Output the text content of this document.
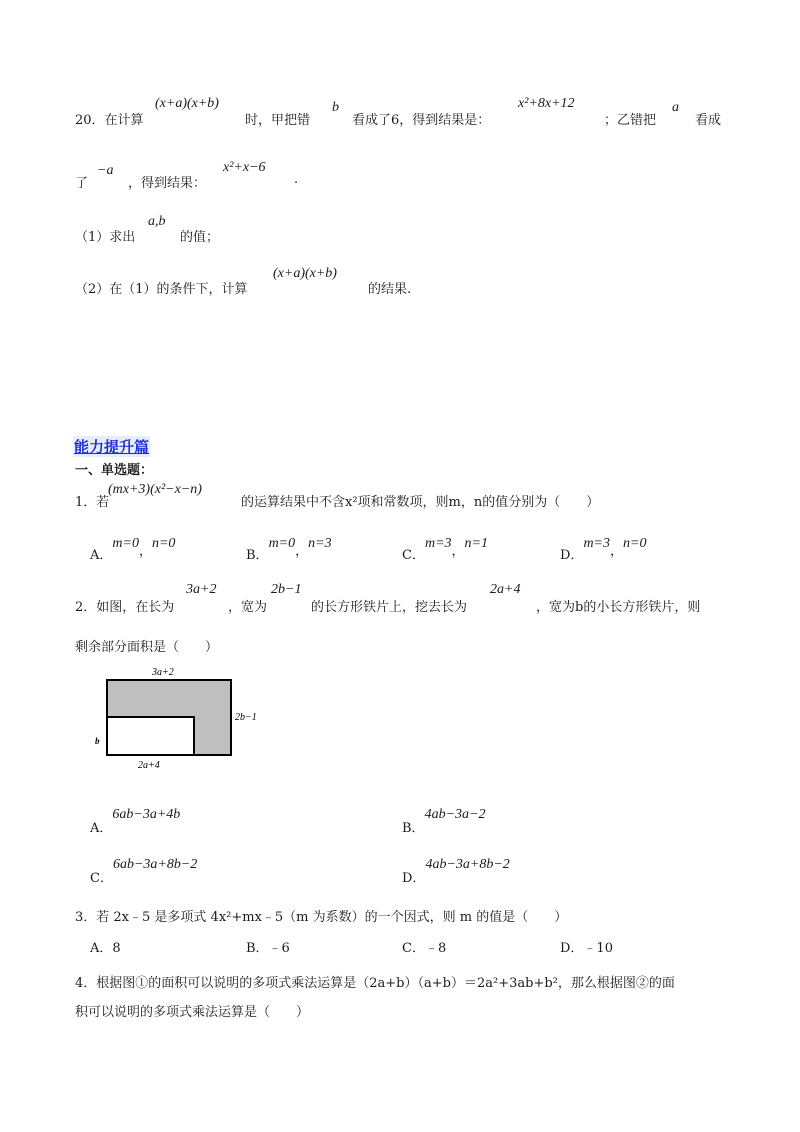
20．在计算
(x+a)(x+b)
时，甲把错
b
看成了6，得到结果是：
x²+8x+12
；乙错把
a
看成
了
−a
，得到结果：
x²+x−6
.
（1）求出
a,b
的值；
（2）在（1）的条件下，计算
(x+a)(x+b)
的结果.
能力提升篇
一、单选题：
1．若
(mx+3)(x²−x−n)
的运算结果中不含x²项和常数项，则m，n的值分别为（　　）
A．m=0，n=0
B．m=0，n=3
C．m=3，n=1
D．m=3，n=0
2．如图，在长为
3a+2
，宽为
2b−1
的长方形铁片上，挖去长为
2a+4
，宽为b的小长方形铁片，则
剩余部分面积是（　　）
3a+2
2b−1
b
2a+4
A．6ab−3a+4b
B．4ab−3a−2
C．6ab−3a+8b−2
D．4ab−3a+8b−2
3．若 2x﹣5 是多项式 4x²+mx﹣5（m 为系数）的一个因式，则 m 的值是（　　）
A．8	B．﹣6	C．﹣8	D．﹣10
4．根据图①的面积可以说明的多项式乘法运算是（2a+b）（a+b）＝2a²+3ab+b²，那么根据图②的面
积可以说明的多项式乘法运算是（　　）
